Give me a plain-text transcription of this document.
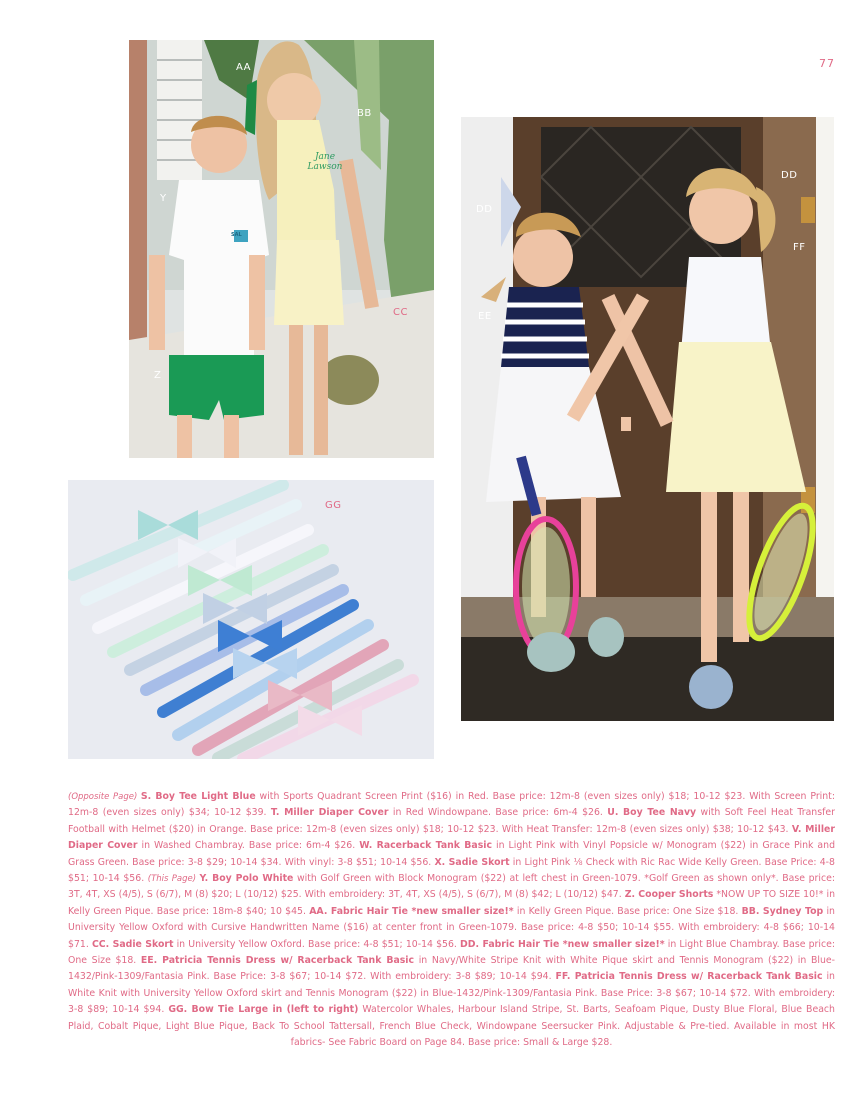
77
AA
BB
Y
CC
Z
Jane Lawson
SAL
DD
DD
EE
FF
GG
(Opposite Page) S. Boy Tee Light Blue with Sports Quadrant Screen Print ($16) in Red. Base price: 12m-8 (even sizes only) $18; 10-12 $23. With Screen Print: 12m-8 (even sizes only) $34; 10-12 $39. T. Miller Diaper Cover in Red Windowpane. Base price: 6m-4 $26. U. Boy Tee Navy with Soft Feel Heat Transfer Football with Helmet ($20) in Orange. Base price: 12m-8 (even sizes only) $18; 10-12 $23. With Heat Transfer: 12m-8 (even sizes only) $38; 10-12 $43. V. Miller Diaper Cover in Washed Chambray. Base price: 6m-4 $26. W. Racerback Tank Basic in Light Pink with Vinyl Popsicle w/ Monogram ($22) in Grace Pink and Grass Green. Base price: 3-8 $29; 10-14 $34. With vinyl: 3-8 $51; 10-14 $56. X. Sadie Skort in Light Pink ⅛ Check with Ric Rac Wide Kelly Green. Base Price: 4-8 $51; 10-14 $56. (This Page) Y. Boy Polo White with Golf Green with Block Monogram ($22) at left chest in Green-1079. *Golf Green as shown only*. Base price: 3T, 4T, XS (4/5), S (6/7), M (8) $20; L (10/12) $25. With embroidery: 3T, 4T, XS (4/5), S (6/7), M (8) $42; L (10/12) $47. Z. Cooper Shorts *NOW UP TO SIZE 10!* in Kelly Green Pique. Base price: 18m-8 $40; 10 $45. AA. Fabric Hair Tie *new smaller size!* in Kelly Green Pique. Base price: One Size $18. BB. Sydney Top in University Yellow Oxford with Cursive Handwritten Name ($16) at center front in Green-1079. Base price: 4-8 $50; 10-14 $55. With embroidery: 4-8 $66; 10-14 $71. CC. Sadie Skort in University Yellow Oxford. Base price: 4-8 $51; 10-14 $56. DD. Fabric Hair Tie *new smaller size!* in Light Blue Chambray. Base price: One Size $18. EE. Patricia Tennis Dress w/ Racerback Tank Basic in Navy/White Stripe Knit with White Pique skirt and Tennis Monogram ($22) in Blue-1432/Pink-1309/Fantasia Pink. Base Price: 3-8 $67; 10-14 $72. With embroidery: 3-8 $89; 10-14 $94. FF. Patricia Tennis Dress w/ Racerback Tank Basic in White Knit with University Yellow Oxford skirt and Tennis Monogram ($22) in Blue-1432/Pink-1309/Fantasia Pink. Base Price: 3-8 $67; 10-14 $72. With embroidery: 3-8 $89; 10-14 $94. GG. Bow Tie Large in (left to right) Watercolor Whales, Harbour Island Stripe, St. Barts, Seafoam Pique, Dusty Blue Floral, Blue Beach Plaid, Cobalt Pique, Light Blue Pique, Back To School Tattersall, French Blue Check, Windowpane Seersucker Pink. Adjustable & Pre-tied. Available in most HK fabrics- See Fabric Board on Page 84. Base price: Small & Large $28.
